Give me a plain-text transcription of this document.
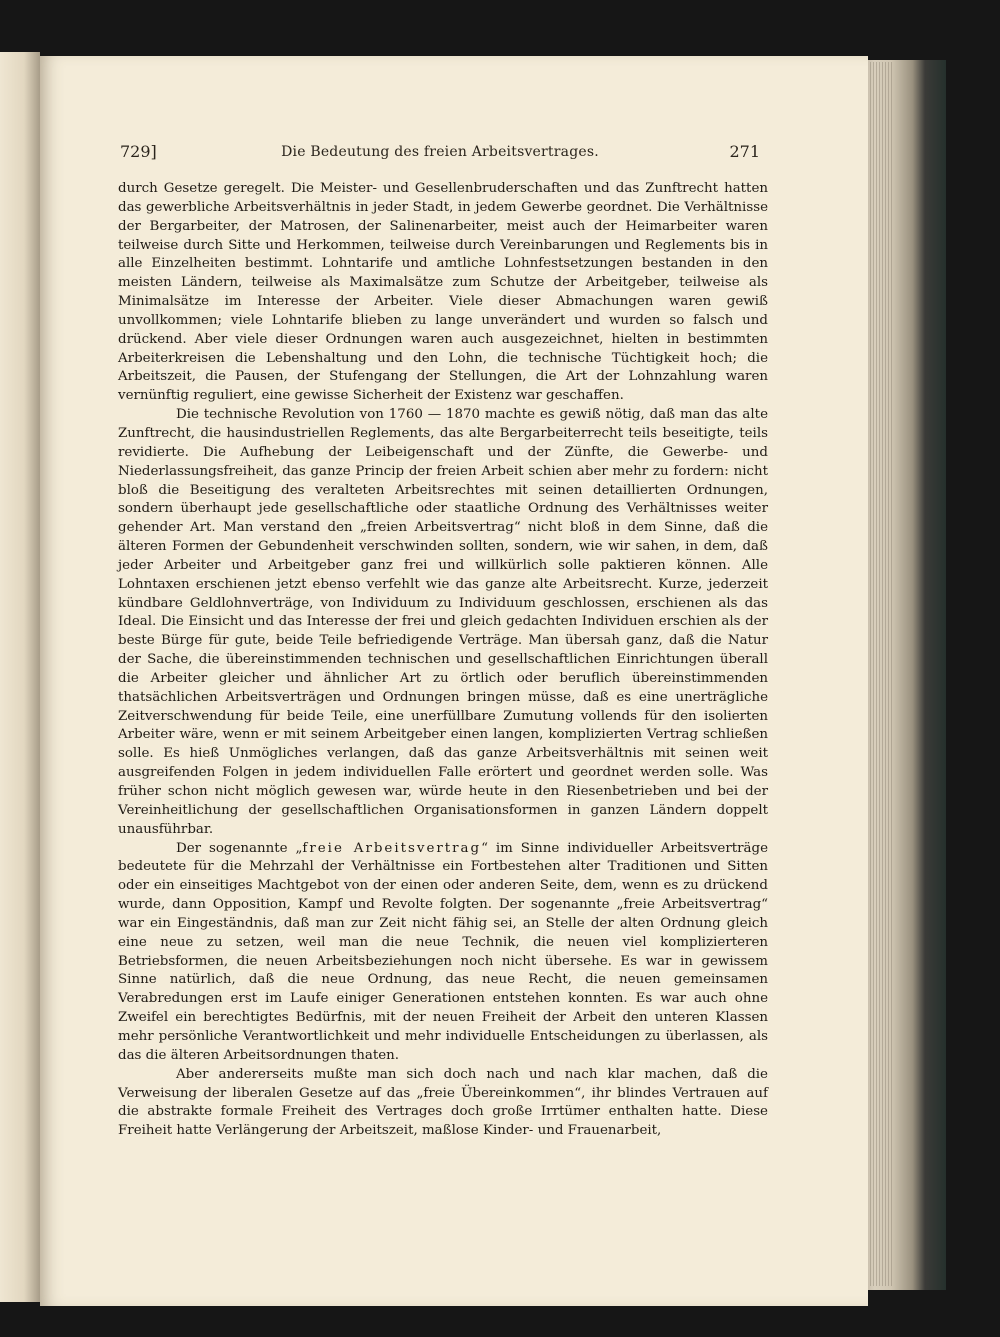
729]	Die Bedeutung des freien Arbeitsvertrages.	271

durch Gesetze geregelt. Die Meister- und Gesellenbruderschaften und das Zunftrecht hatten das gewerbliche Arbeitsverhältnis in jeder Stadt, in jedem Gewerbe geordnet. Die Verhältnisse der Bergarbeiter, der Matrosen, der Salinenarbeiter, meist auch der Heimarbeiter waren teilweise durch Sitte und Herkommen, teilweise durch Vereinbarungen und Reglements bis in alle Einzelheiten bestimmt. Lohntarife und amtliche Lohnfestsetzungen bestanden in den meisten Ländern, teilweise als Maximalsätze zum Schutze der Arbeitgeber, teilweise als Minimalsätze im Interesse der Arbeiter. Viele dieser Abmachungen waren gewiß unvollkommen; viele Lohntarife blieben zu lange unverändert und wurden so falsch und drückend. Aber viele dieser Ordnungen waren auch ausgezeichnet, hielten in bestimmten Arbeiterkreisen die Lebenshaltung und den Lohn, die technische Tüchtigkeit hoch; die Arbeitszeit, die Pausen, der Stufengang der Stellungen, die Art der Lohnzahlung waren vernünftig reguliert, eine gewisse Sicherheit der Existenz war geschaffen.

Die technische Revolution von 1760 — 1870 machte es gewiß nötig, daß man das alte Zunftrecht, die hausindustriellen Reglements, das alte Bergarbeiterrecht teils beseitigte, teils revidierte. Die Aufhebung der Leibeigenschaft und der Zünfte, die Gewerbe- und Niederlassungsfreiheit, das ganze Princip der freien Arbeit schien aber mehr zu fordern: nicht bloß die Beseitigung des veralteten Arbeitsrechtes mit seinen detaillierten Ordnungen, sondern überhaupt jede gesellschaftliche oder staatliche Ordnung des Verhältnisses weiter gehender Art. Man verstand den „freien Arbeitsvertrag“ nicht bloß in dem Sinne, daß die älteren Formen der Gebundenheit verschwinden sollten, sondern, wie wir sahen, in dem, daß jeder Arbeiter und Arbeitgeber ganz frei und willkürlich solle paktieren können. Alle Lohntaxen erschienen jetzt ebenso verfehlt wie das ganze alte Arbeitsrecht. Kurze, jederzeit kündbare Geldlohnverträge, von Individuum zu Individuum geschlossen, erschienen als das Ideal. Die Einsicht und das Interesse der frei und gleich gedachten Individuen erschien als der beste Bürge für gute, beide Teile befriedigende Verträge. Man übersah ganz, daß die Natur der Sache, die übereinstimmenden technischen und gesellschaftlichen Einrichtungen überall die Arbeiter gleicher und ähnlicher Art zu örtlich oder beruflich übereinstimmenden thatsächlichen Arbeitsverträgen und Ordnungen bringen müsse, daß es eine unerträgliche Zeitverschwendung für beide Teile, eine unerfüllbare Zumutung vollends für den isolierten Arbeiter wäre, wenn er mit seinem Arbeitgeber einen langen, komplizierten Vertrag schließen solle. Es hieß Unmögliches verlangen, daß das ganze Arbeitsverhältnis mit seinen weit ausgreifenden Folgen in jedem individuellen Falle erörtert und geordnet werden solle. Was früher schon nicht möglich gewesen war, würde heute in den Riesenbetrieben und bei der Vereinheitlichung der gesellschaftlichen Organisationsformen in ganzen Ländern doppelt unausführbar.

Der sogenannte „freie Arbeitsvertrag“ im Sinne individueller Arbeitsverträge bedeutete für die Mehrzahl der Verhältnisse ein Fortbestehen alter Traditionen und Sitten oder ein einseitiges Machtgebot von der einen oder anderen Seite, dem, wenn es zu drückend wurde, dann Opposition, Kampf und Revolte folgten. Der sogenannte „freie Arbeitsvertrag“ war ein Eingeständnis, daß man zur Zeit nicht fähig sei, an Stelle der alten Ordnung gleich eine neue zu setzen, weil man die neue Technik, die neuen viel komplizierteren Betriebsformen, die neuen Arbeitsbeziehungen noch nicht übersehe. Es war in gewissem Sinne natürlich, daß die neue Ordnung, das neue Recht, die neuen gemeinsamen Verabredungen erst im Laufe einiger Generationen entstehen konnten. Es war auch ohne Zweifel ein berechtigtes Bedürfnis, mit der neuen Freiheit der Arbeit den unteren Klassen mehr persönliche Verantwortlichkeit und mehr individuelle Entscheidungen zu überlassen, als das die älteren Arbeitsordnungen thaten.

Aber andererseits mußte man sich doch nach und nach klar machen, daß die Verweisung der liberalen Gesetze auf das „freie Übereinkommen“, ihr blindes Vertrauen auf die abstrakte formale Freiheit des Vertrages doch große Irrtümer enthalten hatte. Diese Freiheit hatte Verlängerung der Arbeitszeit, maßlose Kinder- und Frauenarbeit,
